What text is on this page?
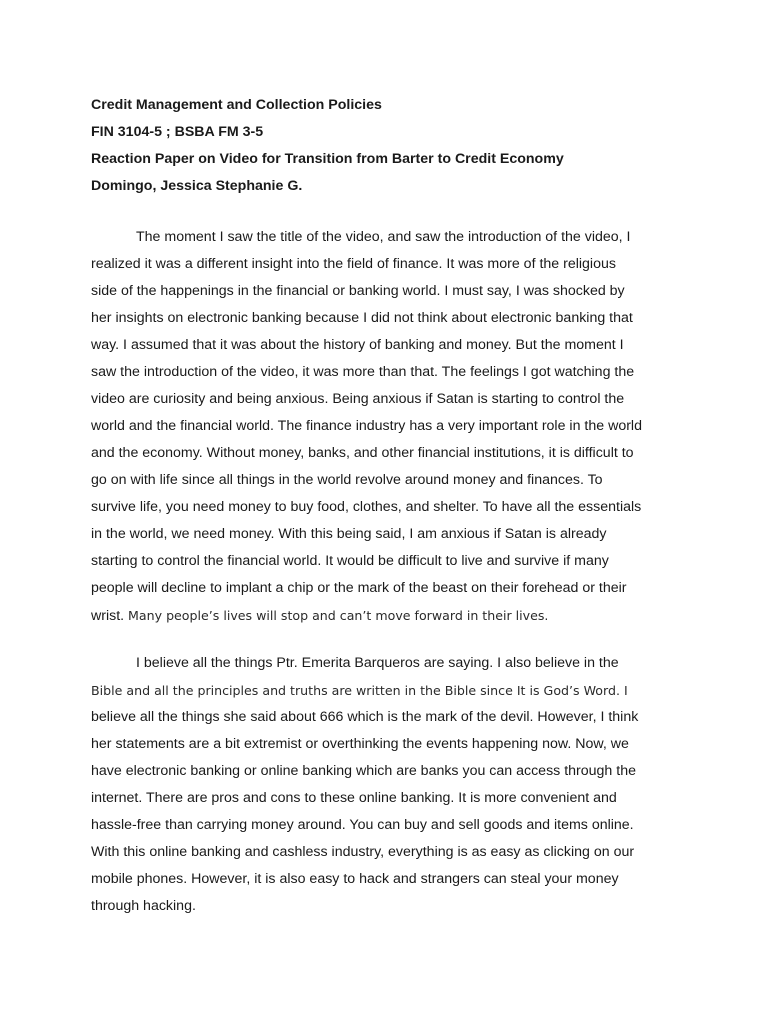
Credit Management and Collection Policies
FIN 3104-5 ; BSBA FM 3-5
Reaction Paper on Video for Transition from Barter to Credit Economy
Domingo, Jessica Stephanie G.
The moment I saw the title of the video, and saw the introduction of the video, I
realized it was a different insight into the field of finance. It was more of the religious
side of the happenings in the financial or banking world. I must say, I was shocked by
her insights on electronic banking because I did not think about electronic banking that
way. I assumed that it was about the history of banking and money. But the moment I
saw the introduction of the video, it was more than that. The feelings I got watching the
video are curiosity and being anxious. Being anxious if Satan is starting to control the
world and the financial world. The finance industry has a very important role in the world
and the economy. Without money, banks, and other financial institutions, it is difficult to
go on with life since all things in the world revolve around money and finances. To
survive life, you need money to buy food, clothes, and shelter. To have all the essentials
in the world, we need money. With this being said, I am anxious if Satan is already
starting to control the financial world. It would be difficult to live and survive if many
people will decline to implant a chip or the mark of the beast on their forehead or their
wrist. Many people’s lives will stop and can’t move forward in their lives.
I believe all the things Ptr. Emerita Barqueros are saying. I also believe in the
Bible and all the principles and truths are written in the Bible since It is God’s Word. I
believe all the things she said about 666 which is the mark of the devil. However, I think
her statements are a bit extremist or overthinking the events happening now. Now, we
have electronic banking or online banking which are banks you can access through the
internet. There are pros and cons to these online banking. It is more convenient and
hassle-free than carrying money around. You can buy and sell goods and items online.
With this online banking and cashless industry, everything is as easy as clicking on our
mobile phones. However, it is also easy to hack and strangers can steal your money
through hacking.
